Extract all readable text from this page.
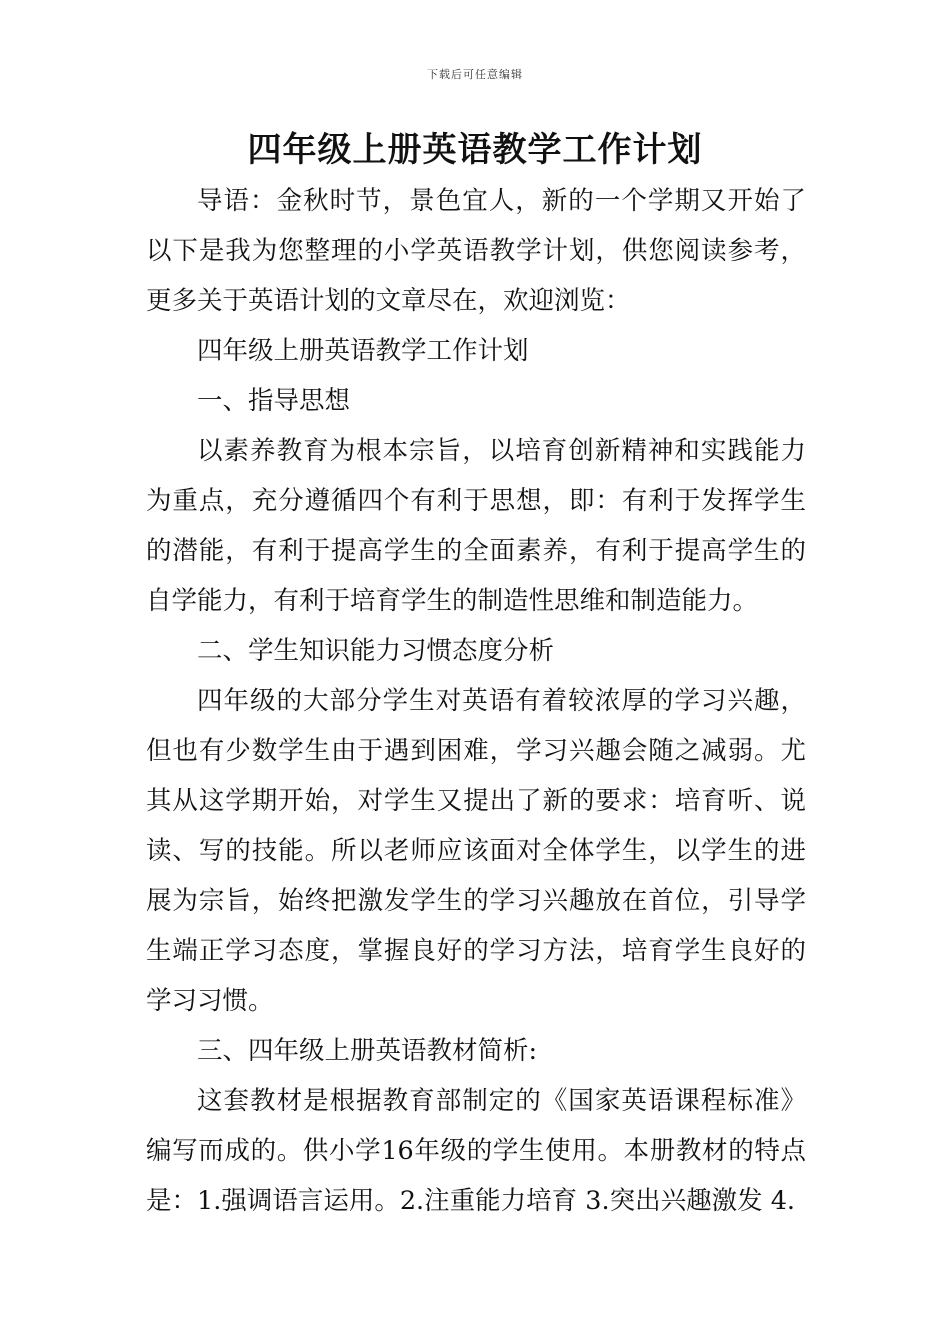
下载后可任意编辑
四年级上册英语教学工作计划

导语：金秋时节，景色宜人，新的一个学期又开始了以下是我为您整理的小学英语教学计划，供您阅读参考，更多关于英语计划的文章尽在，欢迎浏览：

四年级上册英语教学工作计划

一、指导思想

以素养教育为根本宗旨，以培育创新精神和实践能力为重点，充分遵循四个有利于思想，即：有利于发挥学生的潜能，有利于提高学生的全面素养，有利于提高学生的自学能力，有利于培育学生的制造性思维和制造能力。

二、学生知识能力习惯态度分析

四年级的大部分学生对英语有着较浓厚的学习兴趣，但也有少数学生由于遇到困难，学习兴趣会随之减弱。尤其从这学期开始，对学生又提出了新的要求：培育听、说读、写的技能。所以老师应该面对全体学生，以学生的进展为宗旨，始终把激发学生的学习兴趣放在首位，引导学生端正学习态度，掌握良好的学习方法，培育学生良好的学习习惯。

三、四年级上册英语教材简析:

这套教材是根据教育部制定的《国家英语课程标准》编写而成的。供小学16年级的学生使用。本册教材的特点是：1.强调语言运用。2.注重能力培育 3.突出兴趣激发 4.
